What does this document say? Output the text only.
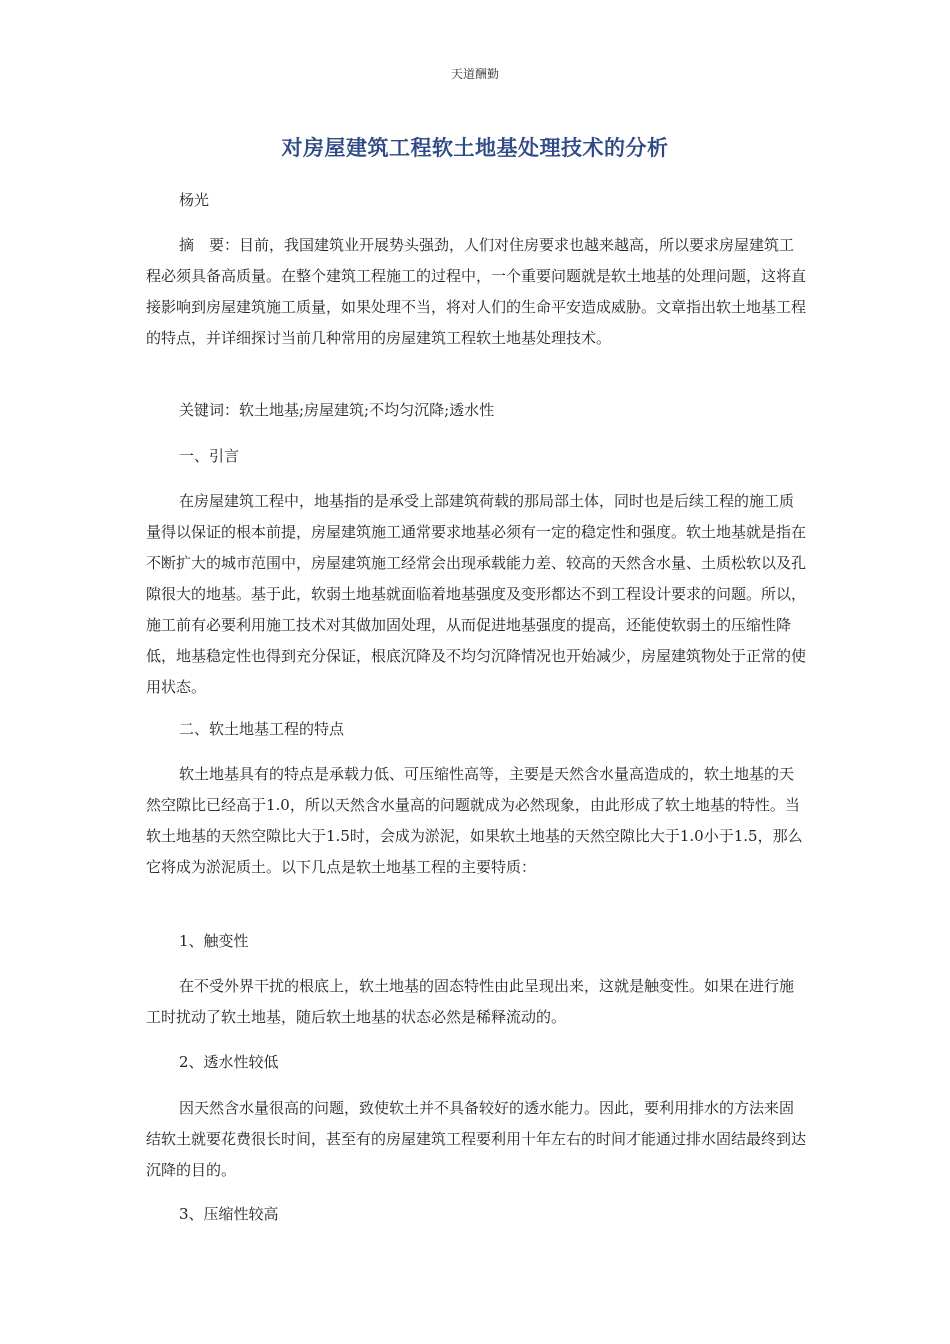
天道酬勤
对房屋建筑工程软土地基处理技术的分析

杨光

摘　要：目前，我国建筑业开展势头强劲，人们对住房要求也越来越高，所以要求房屋建筑工程必须具备高质量。在整个建筑工程施工的过程中，一个重要问题就是软土地基的处理问题，这将直接影响到房屋建筑施工质量，如果处理不当，将对人们的生命平安造成威胁。文章指出软土地基工程的特点，并详细探讨当前几种常用的房屋建筑工程软土地基处理技术。

关键词：软土地基;房屋建筑;不均匀沉降;透水性

一、引言

在房屋建筑工程中，地基指的是承受上部建筑荷载的那局部土体，同时也是后续工程的施工质量得以保证的根本前提，房屋建筑施工通常要求地基必须有一定的稳定性和强度。软土地基就是指在不断扩大的城市范围中，房屋建筑施工经常会出现承载能力差、较高的天然含水量、土质松软以及孔隙很大的地基。基于此，软弱土地基就面临着地基强度及变形都达不到工程设计要求的问题。所以，施工前有必要利用施工技术对其做加固处理，从而促进地基强度的提高，还能使软弱土的压缩性降低，地基稳定性也得到充分保证，根底沉降及不均匀沉降情况也开始减少，房屋建筑物处于正常的使用状态。

二、软土地基工程的特点

软土地基具有的特点是承载力低、可压缩性高等，主要是天然含水量高造成的，软土地基的天然空隙比已经高于1.0，所以天然含水量高的问题就成为必然现象，由此形成了软土地基的特性。当软土地基的天然空隙比大于1.5时，会成为淤泥，如果软土地基的天然空隙比大于1.0小于1.5，那么它将成为淤泥质土。以下几点是软土地基工程的主要特质：

1、触变性

在不受外界干扰的根底上，软土地基的固态特性由此呈现出来，这就是触变性。如果在进行施工时扰动了软土地基，随后软土地基的状态必然是稀释流动的。

2、透水性较低

因天然含水量很高的问题，致使软土并不具备较好的透水能力。因此，要利用排水的方法来固结软土就要花费很长时间，甚至有的房屋建筑工程要利用十年左右的时间才能通过排水固结最终到达沉降的目的。

3、压缩性较高
